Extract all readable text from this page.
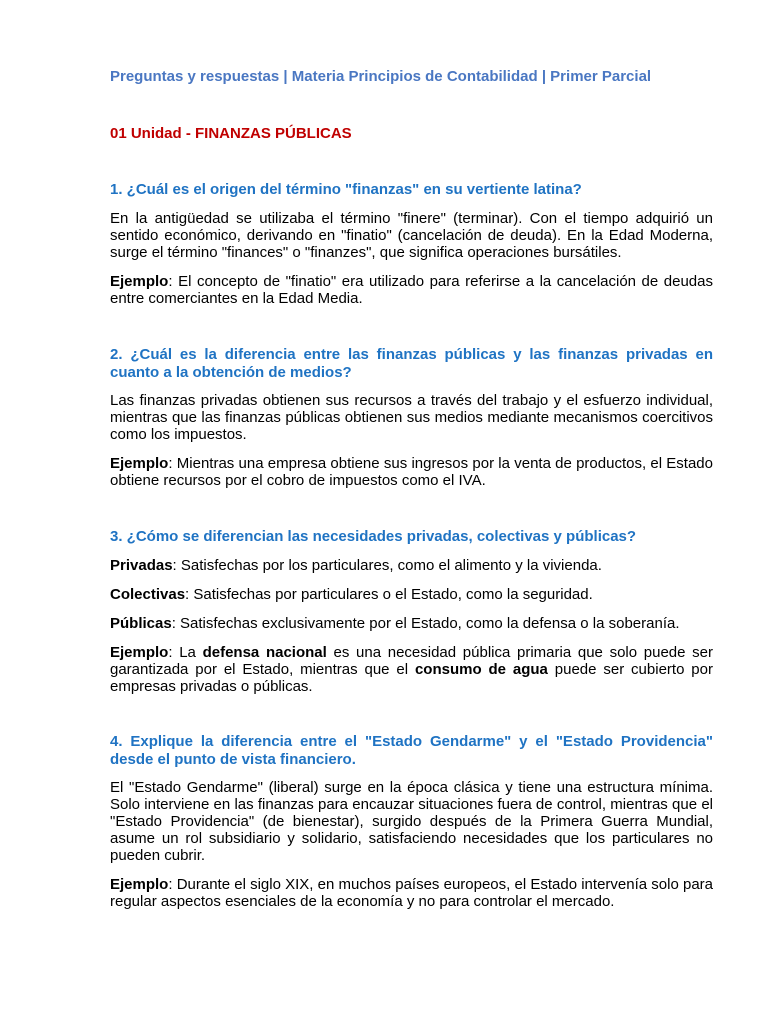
Preguntas y respuestas | Materia Principios de Contabilidad | Primer Parcial
01 Unidad - FINANZAS PÚBLICAS

1. ¿Cuál es el origen del término "finanzas" en su vertiente latina?

En la antigüedad se utilizaba el término "finere" (terminar). Con el tiempo adquirió un sentido económico, derivando en "finatio" (cancelación de deuda). En la Edad Moderna, surge el término "finances" o "finanzes", que significa operaciones bursátiles.

Ejemplo: El concepto de "finatio" era utilizado para referirse a la cancelación de deudas entre comerciantes en la Edad Media.

2. ¿Cuál es la diferencia entre las finanzas públicas y las finanzas privadas en cuanto a la obtención de medios?

Las finanzas privadas obtienen sus recursos a través del trabajo y el esfuerzo individual, mientras que las finanzas públicas obtienen sus medios mediante mecanismos coercitivos como los impuestos.

Ejemplo: Mientras una empresa obtiene sus ingresos por la venta de productos, el Estado obtiene recursos por el cobro de impuestos como el IVA.

3. ¿Cómo se diferencian las necesidades privadas, colectivas y públicas?

Privadas: Satisfechas por los particulares, como el alimento y la vivienda.

Colectivas: Satisfechas por particulares o el Estado, como la seguridad.

Públicas: Satisfechas exclusivamente por el Estado, como la defensa o la soberanía.

Ejemplo: La defensa nacional es una necesidad pública primaria que solo puede ser garantizada por el Estado, mientras que el consumo de agua puede ser cubierto por empresas privadas o públicas.

4. Explique la diferencia entre el "Estado Gendarme" y el "Estado Providencia" desde el punto de vista financiero.

El "Estado Gendarme" (liberal) surge en la época clásica y tiene una estructura mínima. Solo interviene en las finanzas para encauzar situaciones fuera de control, mientras que el "Estado Providencia" (de bienestar), surgido después de la Primera Guerra Mundial, asume un rol subsidiario y solidario, satisfaciendo necesidades que los particulares no pueden cubrir.

Ejemplo: Durante el siglo XIX, en muchos países europeos, el Estado intervenía solo para regular aspectos esenciales de la economía y no para controlar el mercado.
